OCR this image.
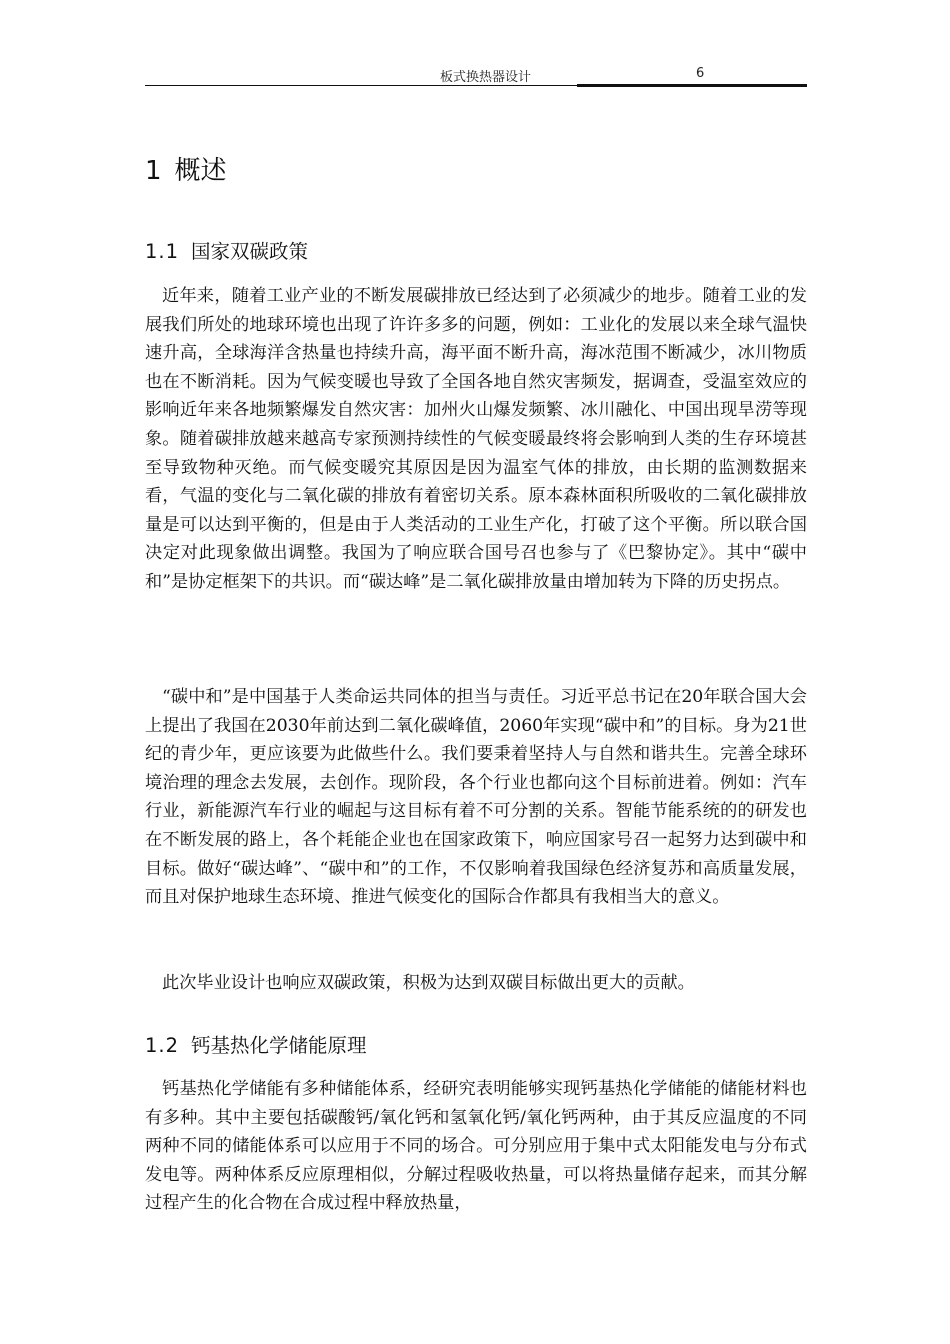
板式换热器设计	6
1 概述
1.1 国家双碳政策

近年来，随着工业产业的不断发展碳排放已经达到了必须减少的地步。随着工业的发展我们所处的地球环境也出现了许许多多的问题，例如：工业化的发展以来全球气温快速升高，全球海洋含热量也持续升高，海平面不断升高，海冰范围不断减少，冰川物质也在不断消耗。因为气候变暖也导致了全国各地自然灾害频发，据调查，受温室效应的影响近年来各地频繁爆发自然灾害：加州火山爆发频繁、冰川融化、中国出现旱涝等现象。随着碳排放越来越高专家预测持续性的气候变暖最终将会影响到人类的生存环境甚至导致物种灭绝。而气候变暖究其原因是因为温室气体的排放，由长期的监测数据来看，气温的变化与二氧化碳的排放有着密切关系。原本森林面积所吸收的二氧化碳排放量是可以达到平衡的，但是由于人类活动的工业生产化，打破了这个平衡。所以联合国决定对此现象做出调整。我国为了响应联合国号召也参与了《巴黎协定》。其中“碳中和”是协定框架下的共识。而“碳达峰”是二氧化碳排放量由增加转为下降的历史拐点。

“碳中和”是中国基于人类命运共同体的担当与责任。习近平总书记在20年联合国大会上提出了我国在2030年前达到二氧化碳峰值，2060年实现“碳中和”的目标。身为21世纪的青少年，更应该要为此做些什么。我们要秉着坚持人与自然和谐共生。完善全球环境治理的理念去发展，去创作。现阶段，各个行业也都向这个目标前进着。例如：汽车行业，新能源汽车行业的崛起与这目标有着不可分割的关系。智能节能系统的的研发也在不断发展的路上，各个耗能企业也在国家政策下，响应国家号召一起努力达到碳中和目标。做好“碳达峰”、“碳中和”的工作，不仅影响着我国绿色经济复苏和高质量发展，而且对保护地球生态环境、推进气候变化的国际合作都具有我相当大的意义。

此次毕业设计也响应双碳政策，积极为达到双碳目标做出更大的贡献。

1.2 钙基热化学储能原理

钙基热化学储能有多种储能体系，经研究表明能够实现钙基热化学储能的储能材料也有多种。其中主要包括碳酸钙/氧化钙和氢氧化钙/氧化钙两种，由于其反应温度的不同两种不同的储能体系可以应用于不同的场合。可分别应用于集中式太阳能发电与分布式发电等。两种体系反应原理相似，分解过程吸收热量，可以将热量储存起来，而其分解过程产生的化合物在合成过程中释放热量，
